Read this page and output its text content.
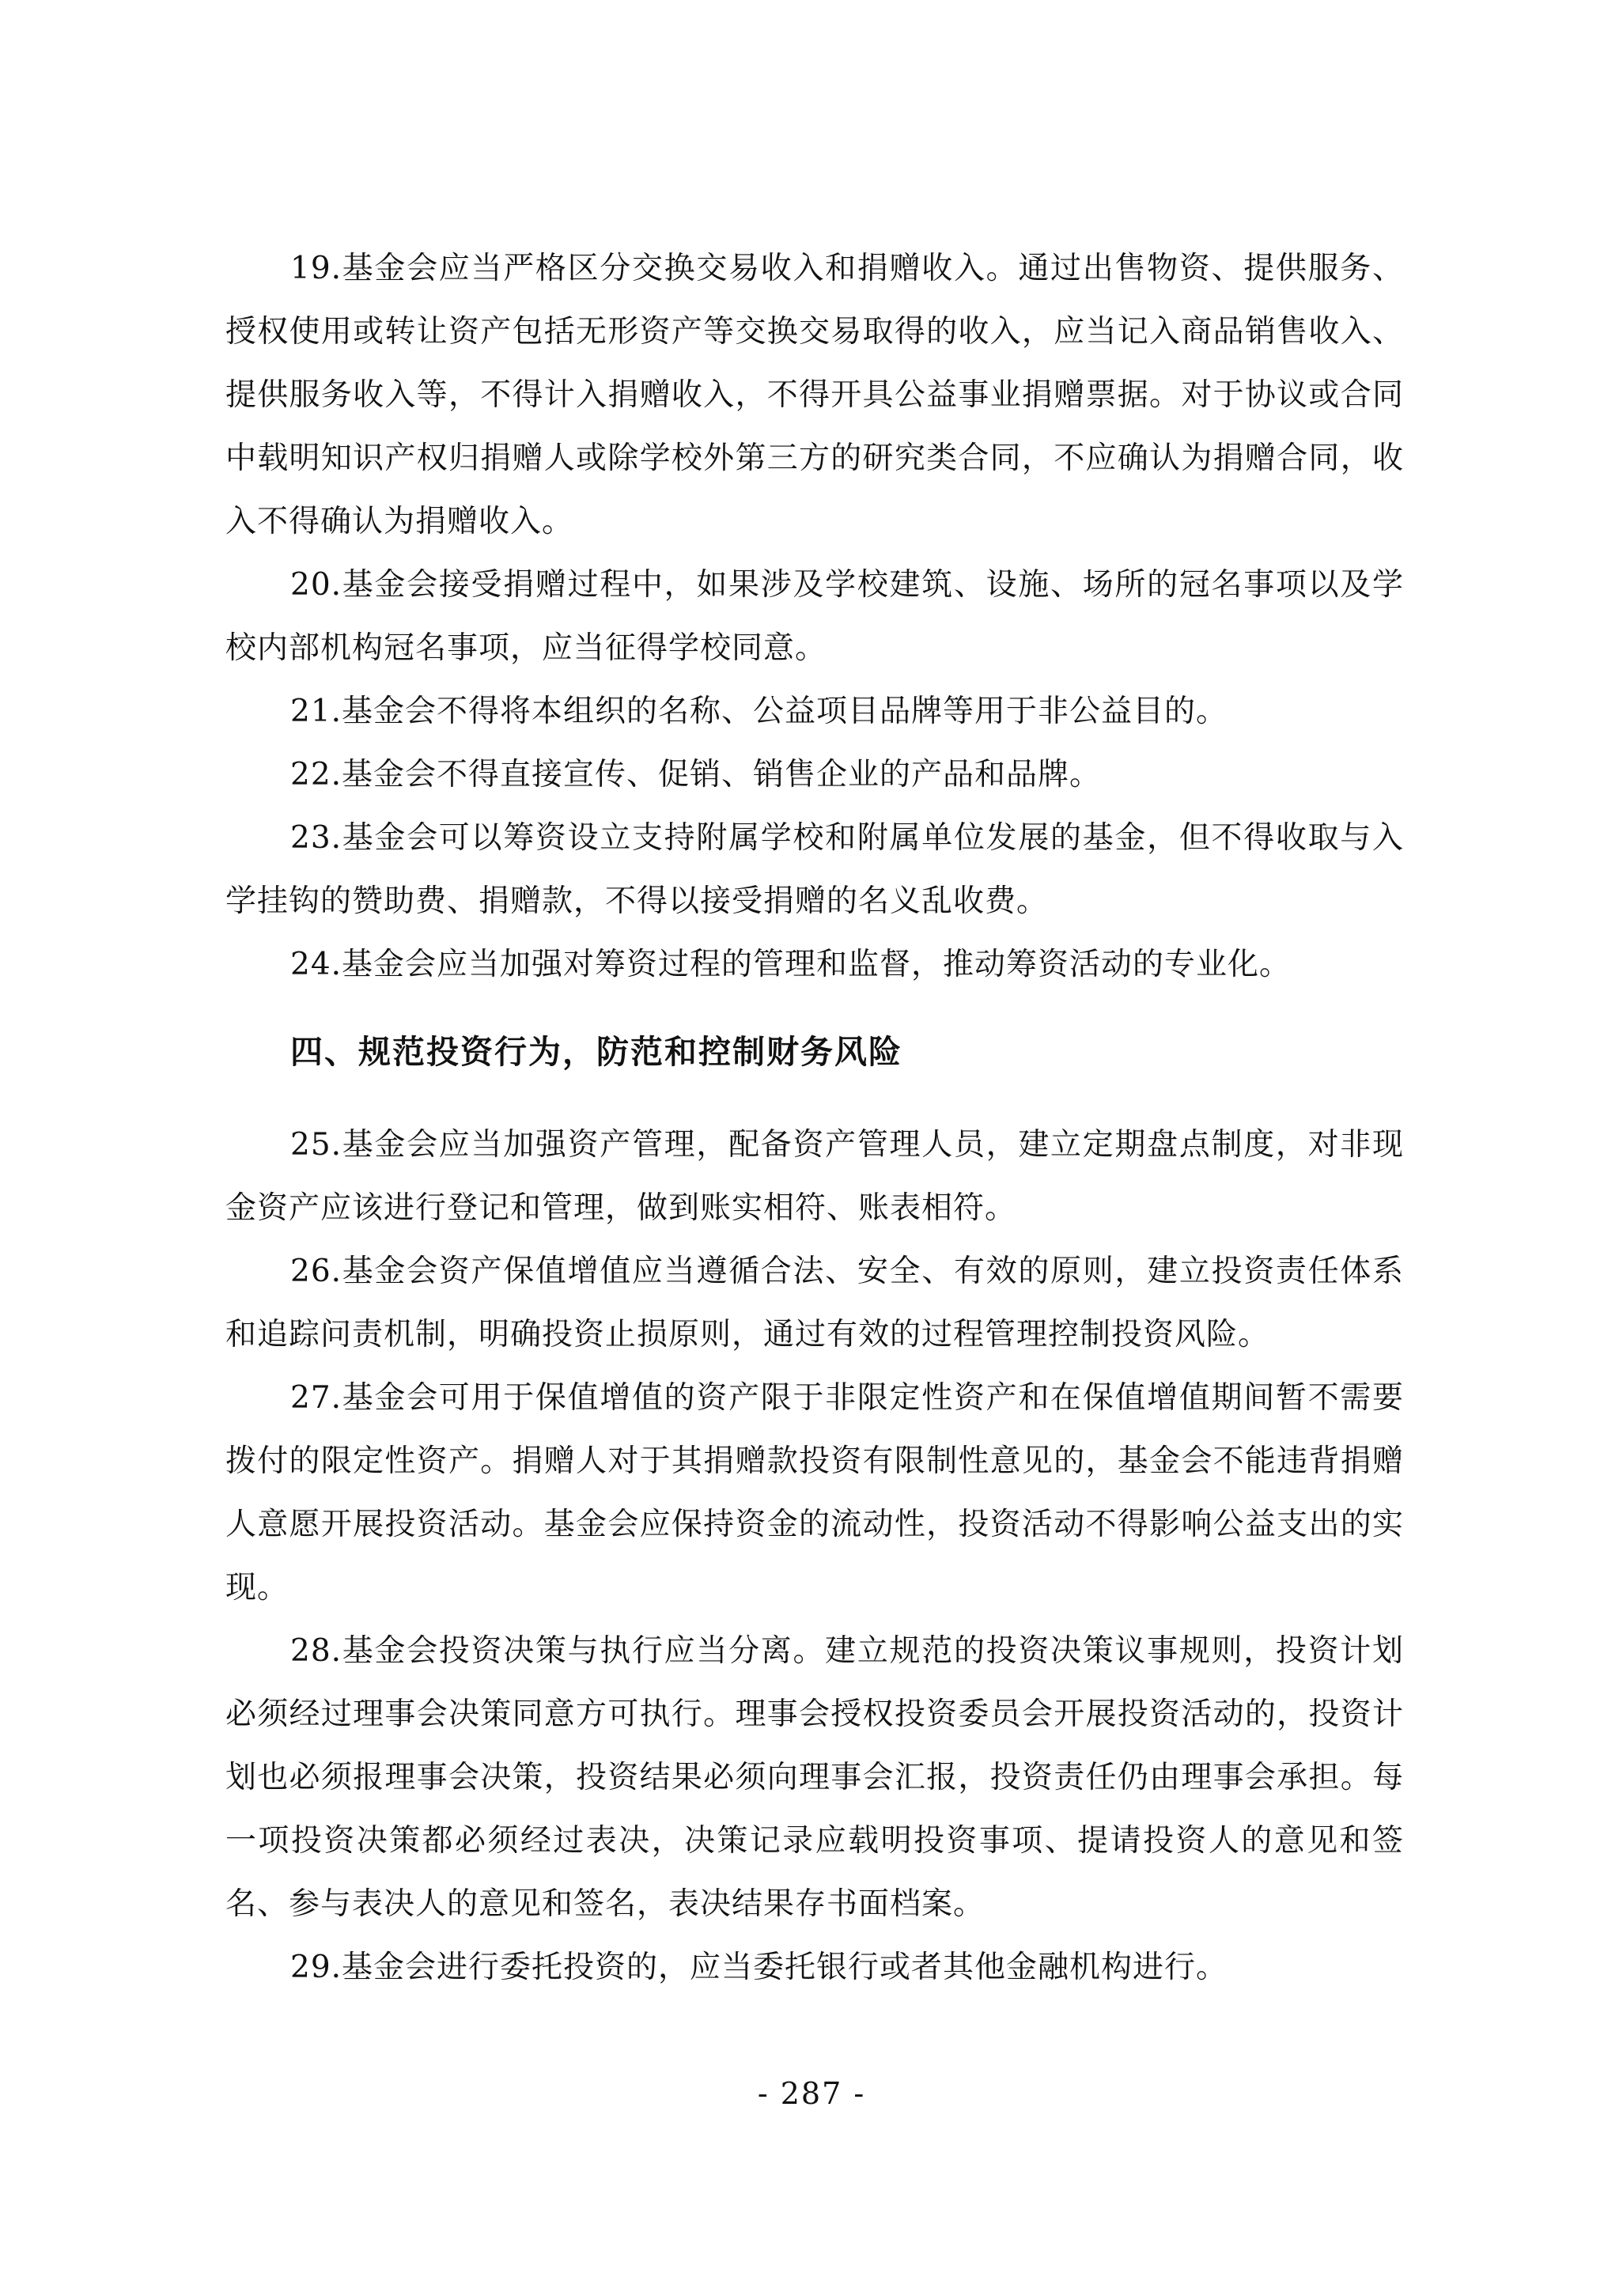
19.基金会应当严格区分交换交易收入和捐赠收入。通过出售物资、提供服务、授权使用或转让资产包括无形资产等交换交易取得的收入，应当记入商品销售收入、提供服务收入等，不得计入捐赠收入，不得开具公益事业捐赠票据。对于协议或合同中载明知识产权归捐赠人或除学校外第三方的研究类合同，不应确认为捐赠合同，收入不得确认为捐赠收入。

20.基金会接受捐赠过程中，如果涉及学校建筑、设施、场所的冠名事项以及学校内部机构冠名事项，应当征得学校同意。

21.基金会不得将本组织的名称、公益项目品牌等用于非公益目的。

22.基金会不得直接宣传、促销、销售企业的产品和品牌。

23.基金会可以筹资设立支持附属学校和附属单位发展的基金，但不得收取与入学挂钩的赞助费、捐赠款，不得以接受捐赠的名义乱收费。

24.基金会应当加强对筹资过程的管理和监督，推动筹资活动的专业化。

四、规范投资行为，防范和控制财务风险

25.基金会应当加强资产管理，配备资产管理人员，建立定期盘点制度，对非现金资产应该进行登记和管理，做到账实相符、账表相符。

26.基金会资产保值增值应当遵循合法、安全、有效的原则，建立投资责任体系和追踪问责机制，明确投资止损原则，通过有效的过程管理控制投资风险。

27.基金会可用于保值增值的资产限于非限定性资产和在保值增值期间暂不需要拨付的限定性资产。捐赠人对于其捐赠款投资有限制性意见的，基金会不能违背捐赠人意愿开展投资活动。基金会应保持资金的流动性，投资活动不得影响公益支出的实现。

28.基金会投资决策与执行应当分离。建立规范的投资决策议事规则，投资计划必须经过理事会决策同意方可执行。理事会授权投资委员会开展投资活动的，投资计划也必须报理事会决策，投资结果必须向理事会汇报，投资责任仍由理事会承担。每一项投资决策都必须经过表决，决策记录应载明投资事项、提请投资人的意见和签名、参与表决人的意见和签名，表决结果存书面档案。

29.基金会进行委托投资的，应当委托银行或者其他金融机构进行。

- 287 -
